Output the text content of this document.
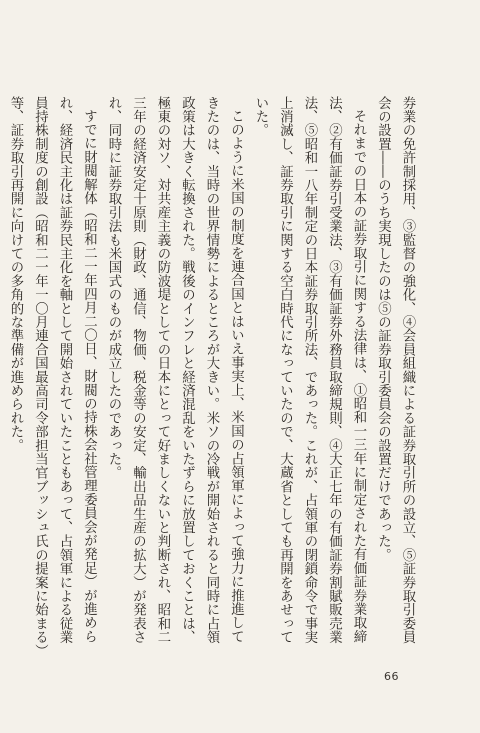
券業の免許制採用、③監督の強化、④会員組織による証券取引所の設立、⑤証券取引委員会の設置――のうち実現したのは⑤の証券取引委員会の設置だけであった。

それまでの日本の証券取引に関する法律は、①昭和一三年に制定された有価証券業取締法、②有価証券引受業法、③有価証券外務員取締規則、④大正七年の有価証券割賦販売業法、⑤昭和一八年制定の日本証券取引所法、であった。これが、占領軍の閉鎖命令で事実上消滅し、証券取引に関する空白時代になっていたので、大蔵省としても再開をあせっていた。

このように米国の制度を連合国とはいえ事実上、米国の占領軍によって強力に推進してきたのは、当時の世界情勢によるところが大きい。米ソの冷戦が開始されると同時に占領政策は大きく転換された。戦後のインフレと経済混乱をいたずらに放置しておくことは、極東の対ソ、対共産主義の防波堤としての日本にとって好ましくないと判断され、昭和二三年の経済安定十原則（財政、通信、物価、税金等の安定、輸出品生産の拡大）が発表され、同時に証券取引法も米国式のものが成立したのであった。

すでに財閥解体（昭和二一年四月二〇日、財閥の持株会社管理委員会が発足）が進められ、経済民主化は証券民主化を軸として開始されていたこともあって、占領軍による従業員持株制度の創設（昭和二一年一〇月連合国最高司令部担当官ブッシュ氏の提案に始まる）等、証券取引再開に向けての多角的な準備が進められた。

66
